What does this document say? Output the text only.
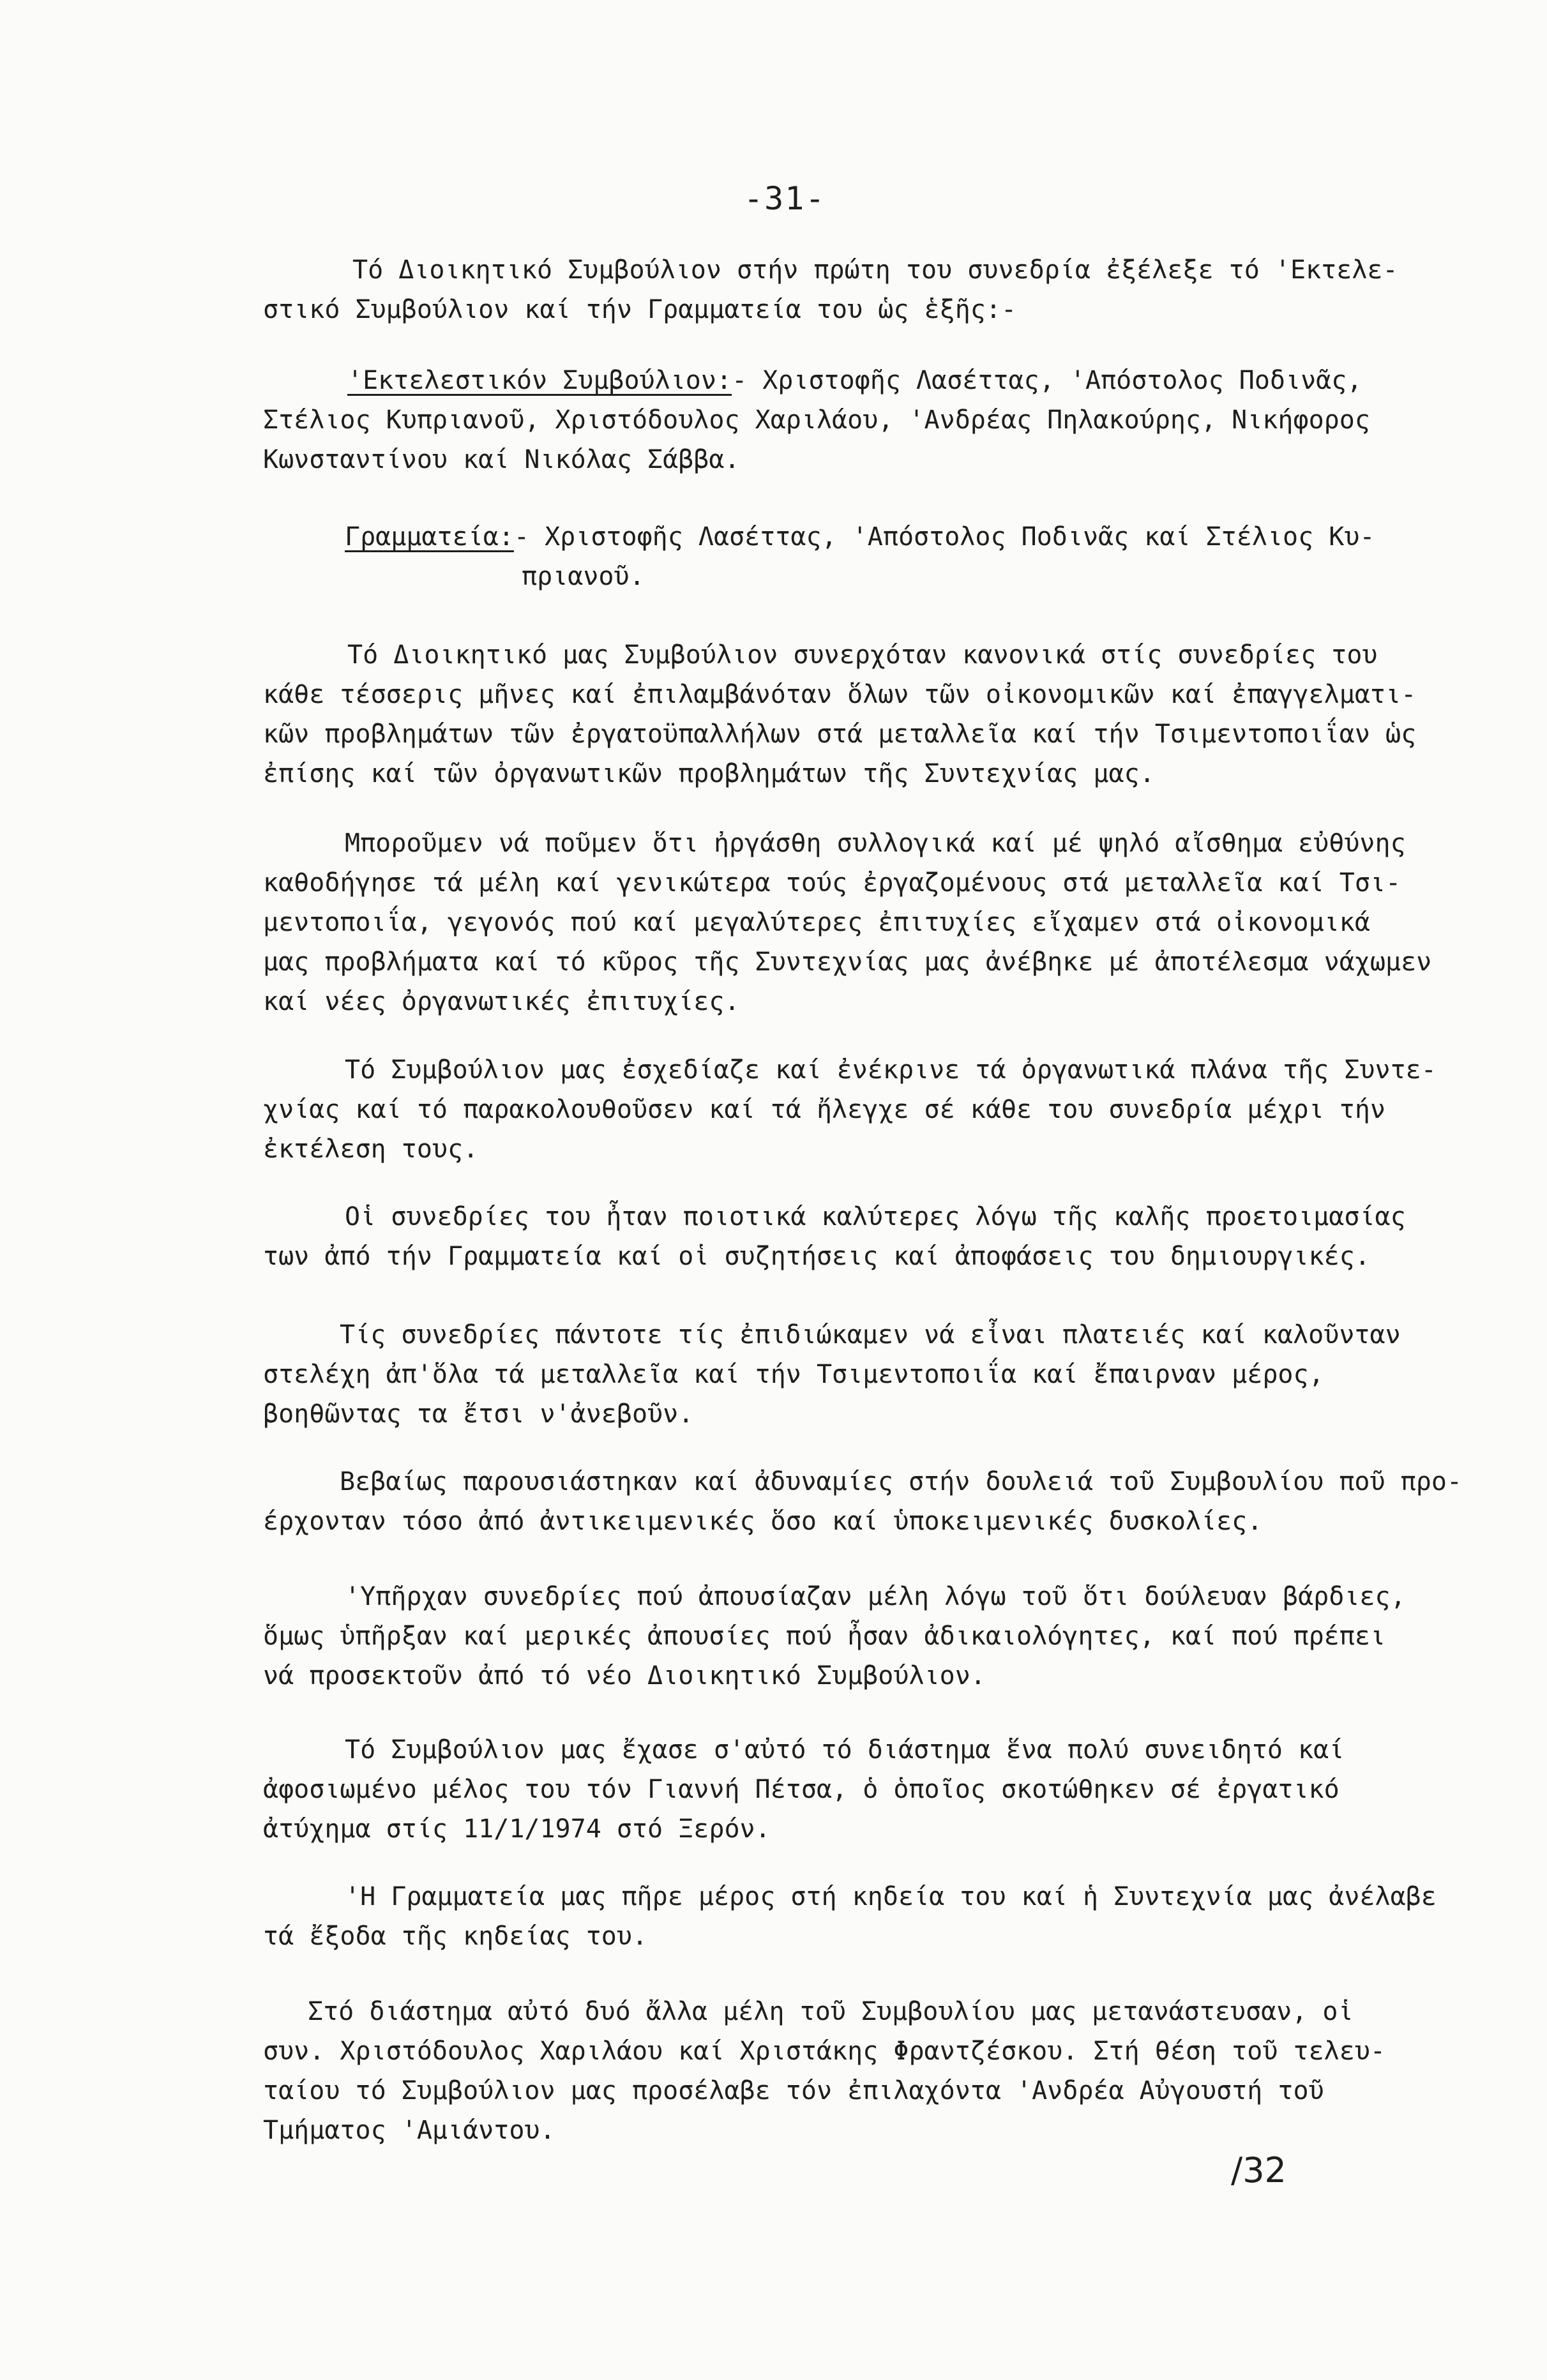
-31-
Τό Διοικητικό Συμβούλιον στήν πρώτη του συνεδρία ἐξέλεξε τό 'Εκτελε-
στικό Συμβούλιον καί τήν Γραμματεία του ὡς ἑξῆς:-
'Εκτελεστικόν Συμβούλιον:- Χριστοφῆς Λασέττας, 'Απόστολος Ποδινᾶς,
Στέλιος Κυπριανοῦ, Χριστόδουλος Χαριλάου, 'Ανδρέας Πηλακούρης, Νικήφορος
Κωνσταντίνου καί Νικόλας Σάββα.
Γραμματεία:- Χριστοφῆς Λασέττας, 'Απόστολος Ποδινᾶς καί Στέλιος Κυ-
πριανοῦ.
Τό Διοικητικό μας Συμβούλιον συνερχόταν κανονικά στίς συνεδρίες του
κάθε τέσσερις μῆνες καί ἐπιλαμβάνόταν ὅλων τῶν οἰκονομικῶν καί ἐπαγγελματι-
κῶν προβλημάτων τῶν ἐργατοϋπαλλήλων στά μεταλλεῖα καί τήν Τσιμεντοποιΐαν ὡς
ἐπίσης καί τῶν ὀργανωτικῶν προβλημάτων τῆς Συντεχνίας μας.
Μποροῦμεν νά ποῦμεν ὅτι ἠργάσθη συλλογικά καί μέ ψηλό αἴσθημα εὐθύνης
καθοδήγησε τά μέλη καί γενικώτερα τούς ἐργαζομένους στά μεταλλεῖα καί Τσι-
μεντοποιΐα, γεγονός πού καί μεγαλύτερες ἐπιτυχίες εἴχαμεν στά οἰκονομικά
μας προβλήματα καί τό κῦρος τῆς Συντεχνίας μας ἀνέβηκε μέ ἀποτέλεσμα νάχωμεν
καί νέες ὀργανωτικές ἐπιτυχίες.
Τό Συμβούλιον μας ἐσχεδίαζε καί ἐνέκρινε τά ὀργανωτικά πλάνα τῆς Συντε-
χνίας καί τό παρακολουθοῦσεν καί τά ἤλεγχε σέ κάθε του συνεδρία μέχρι τήν
ἐκτέλεση τους.
Οἱ συνεδρίες του ἦταν ποιοτικά καλύτερες λόγω τῆς καλῆς προετοιμασίας
των ἀπό τήν Γραμματεία καί οἱ συζητήσεις καί ἀποφάσεις του δημιουργικές.
Τίς συνεδρίες πάντοτε τίς ἐπιδιώκαμεν νά εἶναι πλατειές καί καλοῦνταν
στελέχη ἀπ'ὅλα τά μεταλλεῖα καί τήν Τσιμεντοποιΐα καί ἔπαιρναν μέρος,
βοηθῶντας τα ἔτσι ν'ἀνεβοῦν.
Βεβαίως παρουσιάστηκαν καί ἀδυναμίες στήν δουλειά τοῦ Συμβουλίου ποῦ προ-
έρχονταν τόσο ἀπό ἀντικειμενικές ὅσο καί ὑποκειμενικές δυσκολίες.
'Υπῆρχαν συνεδρίες πού ἀπουσίαζαν μέλη λόγω τοῦ ὅτι δούλευαν βάρδιες,
ὅμως ὑπῆρξαν καί μερικές ἀπουσίες πού ἦσαν ἀδικαιολόγητες, καί πού πρέπει
νά προσεκτοῦν ἀπό τό νέο Διοικητικό Συμβούλιον.
Τό Συμβούλιον μας ἔχασε σ'αὐτό τό διάστημα ἕνα πολύ συνειδητό καί
ἀφοσιωμένο μέλος του τόν Γιαννή Πέτσα, ὁ ὁποῖος σκοτώθηκεν σέ ἐργατικό
ἀτύχημα στίς 11/1/1974 στό Ξερόν.
'Η Γραμματεία μας πῆρε μέρος στή κηδεία του καί ἡ Συντεχνία μας ἀνέλαβε
τά ἔξοδα τῆς κηδείας του.
Στό διάστημα αὐτό δυό ἄλλα μέλη τοῦ Συμβουλίου μας μετανάστευσαν, οἱ
συν. Χριστόδουλος Χαριλάου καί Χριστάκης Φραντζέσκου. Στή θέση τοῦ τελευ-
ταίου τό Συμβούλιον μας προσέλαβε τόν ἐπιλαχόντα 'Ανδρέα Αὐγουστή τοῦ
Τμήματος 'Αμιάντου.
/32
